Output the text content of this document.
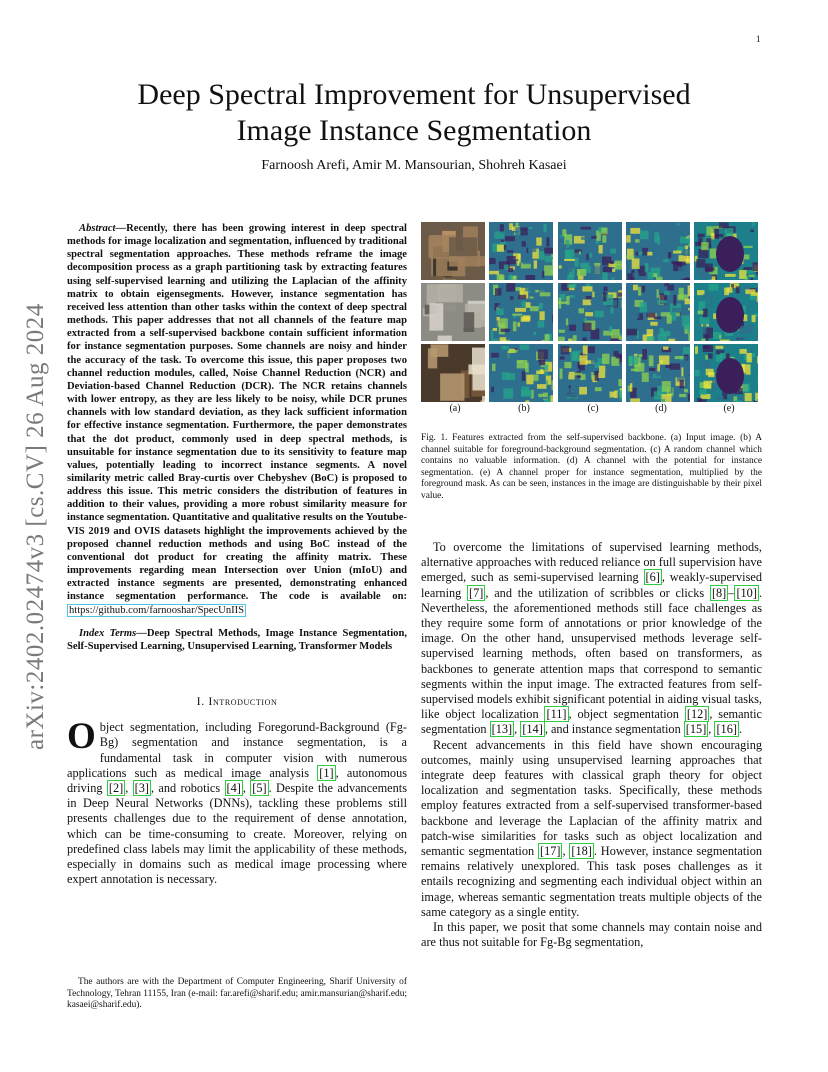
1
arXiv:2402.02474v3 [cs.CV] 26 Aug 2024
Deep Spectral Improvement for Unsupervised
Image Instance Segmentation
Farnoosh Arefi, Amir M. Mansourian, Shohreh Kasaei

Abstract—Recently, there has been growing interest in deep spectral methods for image localization and segmentation, influenced by traditional spectral segmentation approaches. These methods reframe the image decomposition process as a graph partitioning task by extracting features using self-supervised learning and utilizing the Laplacian of the affinity matrix to obtain eigensegments. However, instance segmentation has received less attention than other tasks within the context of deep spectral methods. This paper addresses that not all channels of the feature map extracted from a self-supervised backbone contain sufficient information for instance segmentation purposes. Some channels are noisy and hinder the accuracy of the task. To overcome this issue, this paper proposes two channel reduction modules, called, Noise Channel Reduction (NCR) and Deviation-based Channel Reduction (DCR). The NCR retains channels with lower entropy, as they are less likely to be noisy, while DCR prunes channels with low standard deviation, as they lack sufficient information for effective instance segmentation. Furthermore, the paper demonstrates that the dot product, commonly used in deep spectral methods, is unsuitable for instance segmentation due to its sensitivity to feature map values, potentially leading to incorrect instance segments. A novel similarity metric called Bray-curtis over Chebyshev (BoC) is proposed to address this issue. This metric considers the distribution of features in addition to their values, providing a more robust similarity measure for instance segmentation. Quantitative and qualitative results on the Youtube-VIS 2019 and OVIS datasets highlight the improvements achieved by the proposed channel reduction methods and using BoC instead of the conventional dot product for creating the affinity matrix. These improvements regarding mean Intersection over Union (mIoU) and extracted instance segments are presented, demonstrating enhanced instance segmentation performance. The code is available on: https://github.com/farnooshar/SpecUnIIS

Index Terms—Deep Spectral Methods, Image Instance Segmentation, Self-Supervised Learning, Unsupervised Learning, Transformer Models

I. Introduction

Object segmentation, including Foregorund-Background (Fg-Bg) segmentation and instance segmentation, is a fundamental task in computer vision with numerous applications such as medical image analysis [1] , autonomous driving [2] , [3] , and robotics [4] , [5] . Despite the advancements in Deep Neural Networks (DNNs), tackling these problems still presents challenges due to the requirement of dense annotation, which can be time-consuming to create. Moreover, relying on predefined class labels may limit the applicability of these methods, especially in domains such as medical image processing where expert annotation is necessary.

The authors are with the Department of Computer Engineering, Sharif University of Technology, Tehran 11155, Iran (e-mail: far.arefi@sharif.edu; amir.mansurian@sharif.edu; kasaei@sharif.edu).
(a)	(b)	(c)	(d)	(e)

Fig. 1. Features extracted from the self-supervised backbone. (a) Input image. (b) A channel suitable for foreground-background segmentation. (c) A random channel which contains no valuable information. (d) A channel with the potential for instance segmentation. (e) A channel proper for instance segmentation, multiplied by the foreground mask. As can be seen, instances in the image are distinguishable by their pixel value.

To overcome the limitations of supervised learning methods, alternative approaches with reduced reliance on full supervision have emerged, such as semi-supervised learning [6] , weakly-supervised learning [7] , and the utilization of scribbles or clicks [8] – [10] . Nevertheless, the aforementioned methods still face challenges as they require some form of annotations or prior knowledge of the image. On the other hand, unsupervised methods leverage self-supervised learning methods, often based on transformers, as backbones to generate attention maps that correspond to semantic segments within the input image. The extracted features from self-supervised models exhibit significant potential in aiding visual tasks, like object localization [11] , object segmentation [12] , semantic segmentation [13] , [14] , and instance segmentation [15] , [16] .

Recent advancements in this field have shown encouraging outcomes, mainly using unsupervised learning approaches that integrate deep features with classical graph theory for object localization and segmentation tasks. Specifically, these methods employ features extracted from a self-supervised transformer-based backbone and leverage the Laplacian of the affinity matrix and patch-wise similarities for tasks such as object localization and semantic segmentation [17] , [18] . However, instance segmentation remains relatively unexplored. This task poses challenges as it entails recognizing and segmenting each individual object within an image, whereas semantic segmentation treats multiple objects of the same category as a single entity.

In this paper, we posit that some channels may contain noise and are thus not suitable for Fg-Bg segmentation,
